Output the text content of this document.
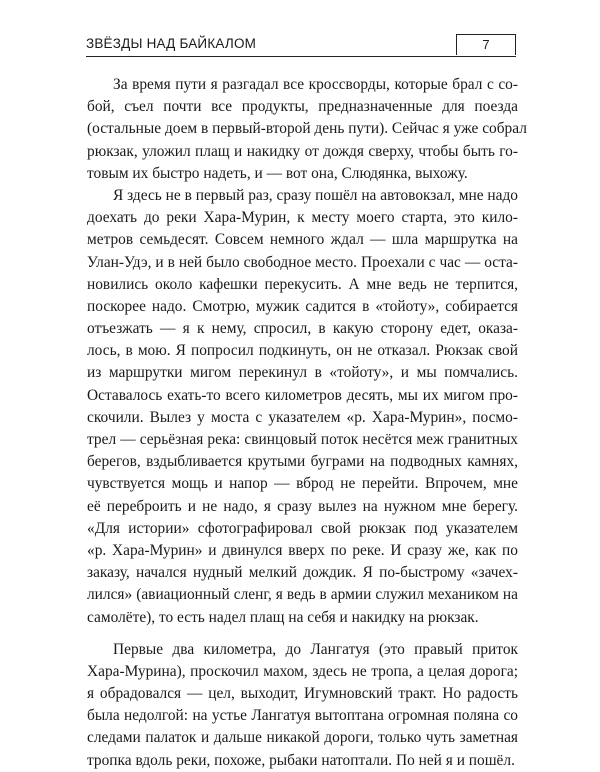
ЗВЁЗДЫ НАД БАЙКАЛОМ	7
За время пути я разгадал все кроссворды, которые брал с со-
бой, съел почти все продукты, предназначенные для поезда
(остальные доем в первый-второй день пути). Сейчас я уже собрал
рюкзак, уложил плащ и накидку от дождя сверху, чтобы быть го-
товым их быстро надеть, и — вот она, Слюдянка, выхожу.
Я здесь не в первый раз, сразу пошёл на автовокзал, мне надо
доехать до реки Хара-Мурин, к месту моего старта, это кило-
метров семьдесят. Совсем немного ждал — шла маршрутка на
Улан-Удэ, и в ней было свободное место. Проехали с час — оста-
новились около кафешки перекусить. А мне ведь не терпится,
поскорее надо. Смотрю, мужик садится в «тойоту», собирается
отъезжать — я к нему, спросил, в какую сторону едет, оказа-
лось, в мою. Я попросил подкинуть, он не отказал. Рюкзак свой
из маршрутки мигом перекинул в «тойоту», и мы помчались.
Оставалось ехать-то всего километров десять, мы их мигом про-
скочили. Вылез у моста с указателем «р. Хара-Мурин», посмо-
трел — серьёзная река: свинцовый поток несётся меж гранитных
берегов, вздыбливается крутыми буграми на подводных камнях,
чувствуется мощь и напор — вброд не перейти. Впрочем, мне
её переброить и не надо, я сразу вылез на нужном мне берегу.
«Для истории» сфотографировал свой рюкзак под указателем
«р. Хара-Мурин» и двинулся вверх по реке. И сразу же, как по
заказу, начался нудный мелкий дождик. Я по-быстрому «зачех-
лился» (авиационный сленг, я ведь в армии служил механиком на
самолёте), то есть надел плащ на себя и накидку на рюкзак.
Первые два километра, до Лангатуя (это правый приток
Хара-Мурина), проскочил махом, здесь не тропа, а целая дорога;
я обрадовался — цел, выходит, Игумновский тракт. Но радость
была недолгой: на устье Лангатуя вытоптана огромная поляна со
следами палаток и дальше никакой дороги, только чуть заметная
тропка вдоль реки, похоже, рыбаки натоптали. По ней я и пошёл.
